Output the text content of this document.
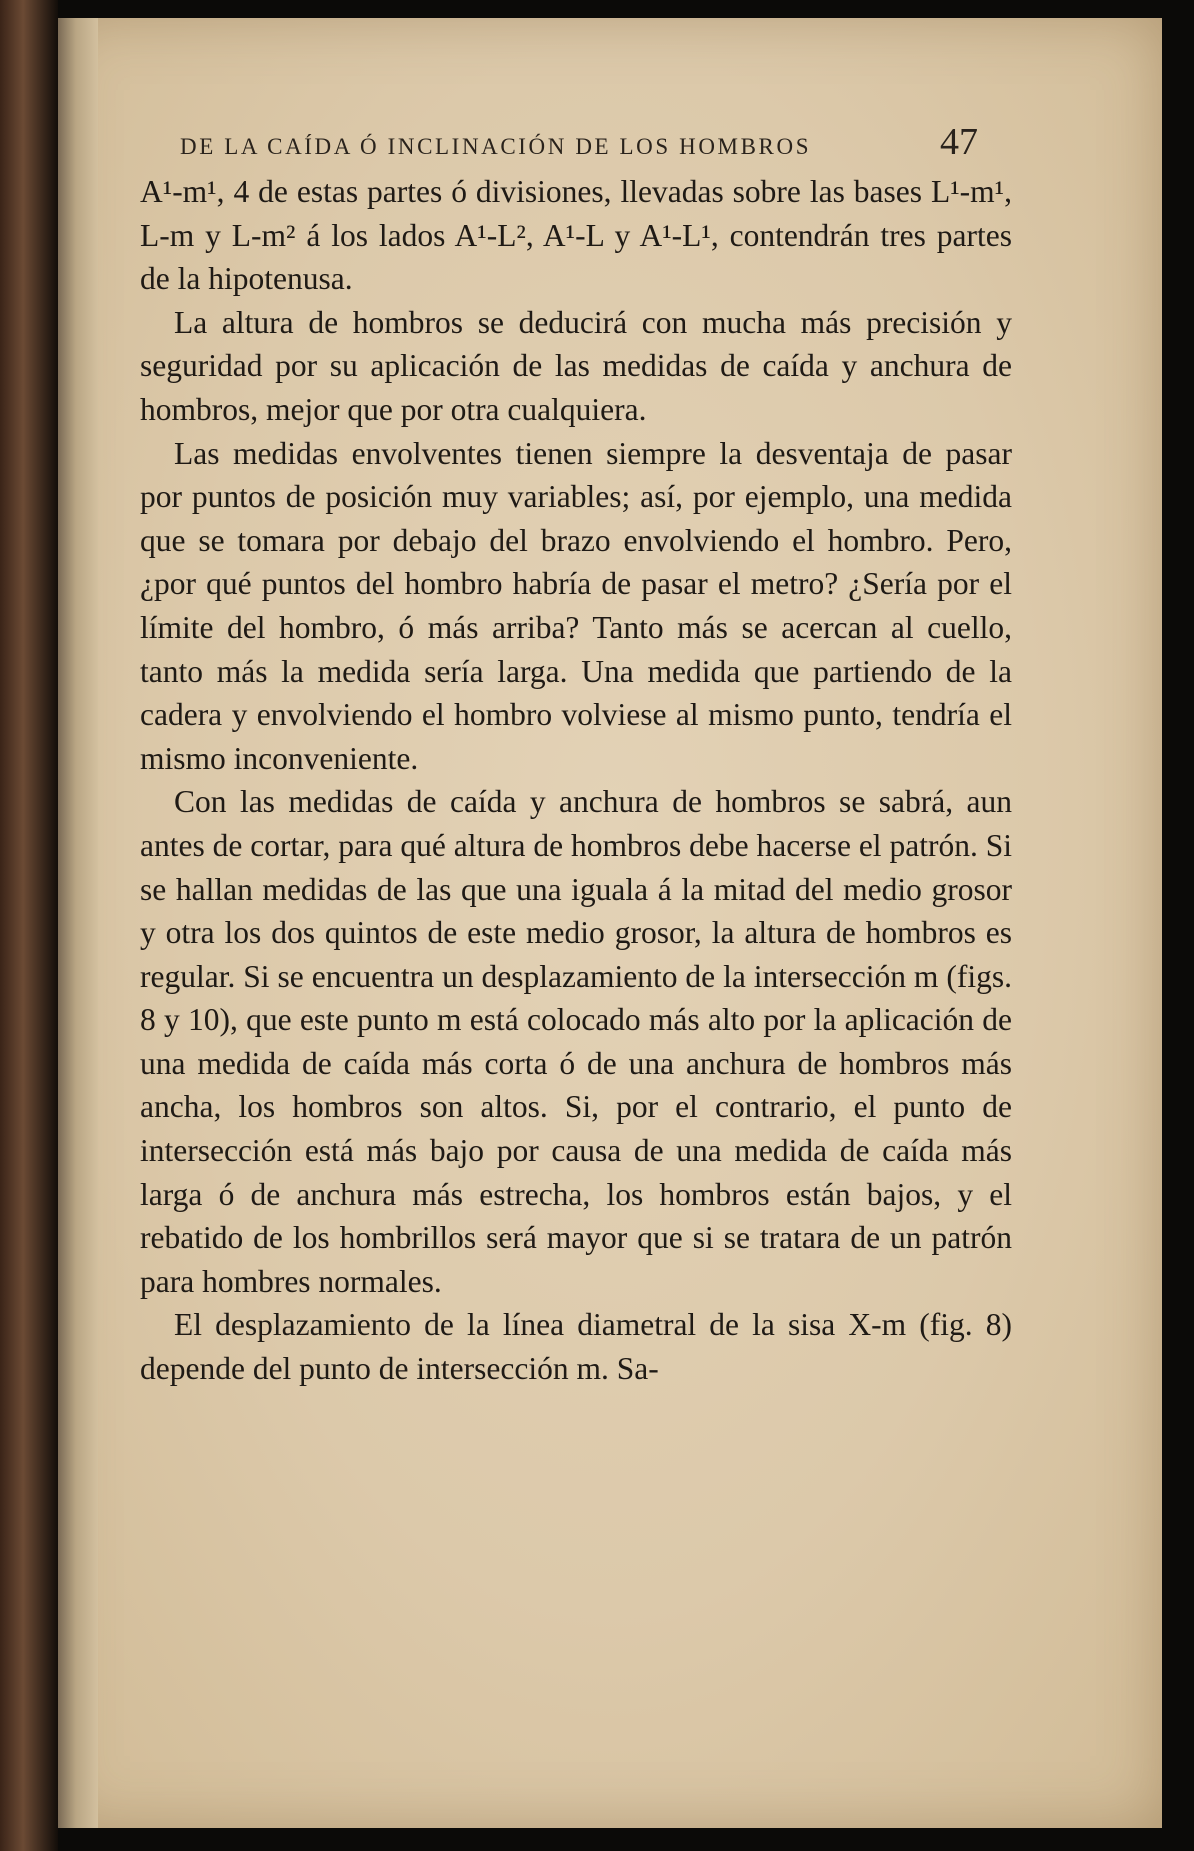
DE LA CAÍDA Ó INCLINACIÓN DE LOS HOMBROS	47

A¹-m¹, 4 de estas partes ó divisiones, llevadas sobre las bases L¹-m¹, L-m y L-m² á los lados A¹-L², A¹-L y A¹-L¹, contendrán tres partes de la hipotenusa.

La altura de hombros se deducirá con mucha más precisión y seguridad por su aplicación de las medidas de caída y anchura de hombros, mejor que por otra cualquiera.

Las medidas envolventes tienen siempre la desventaja de pasar por puntos de posición muy variables; así, por ejemplo, una medida que se tomara por debajo del brazo envolviendo el hombro. Pero, ¿por qué puntos del hombro habría de pasar el metro? ¿Sería por el límite del hombro, ó más arriba? Tanto más se acercan al cuello, tanto más la medida sería larga. Una medida que partiendo de la cadera y envolviendo el hombro volviese al mismo punto, tendría el mismo inconveniente.

Con las medidas de caída y anchura de hombros se sabrá, aun antes de cortar, para qué altura de hombros debe hacerse el patrón. Si se hallan medidas de las que una iguala á la mitad del medio grosor y otra los dos quintos de este medio grosor, la altura de hombros es regular. Si se encuentra un desplazamiento de la intersección m (figs. 8 y 10), que este punto m está colocado más alto por la aplicación de una medida de caída más corta ó de una anchura de hombros más ancha, los hombros son altos. Si, por el contrario, el punto de intersección está más bajo por causa de una medida de caída más larga ó de anchura más estrecha, los hombros están bajos, y el rebatido de los hombrillos será mayor que si se tratara de un patrón para hombres normales.

El desplazamiento de la línea diametral de la sisa X-m (fig. 8) depende del punto de intersección m. Sa-
